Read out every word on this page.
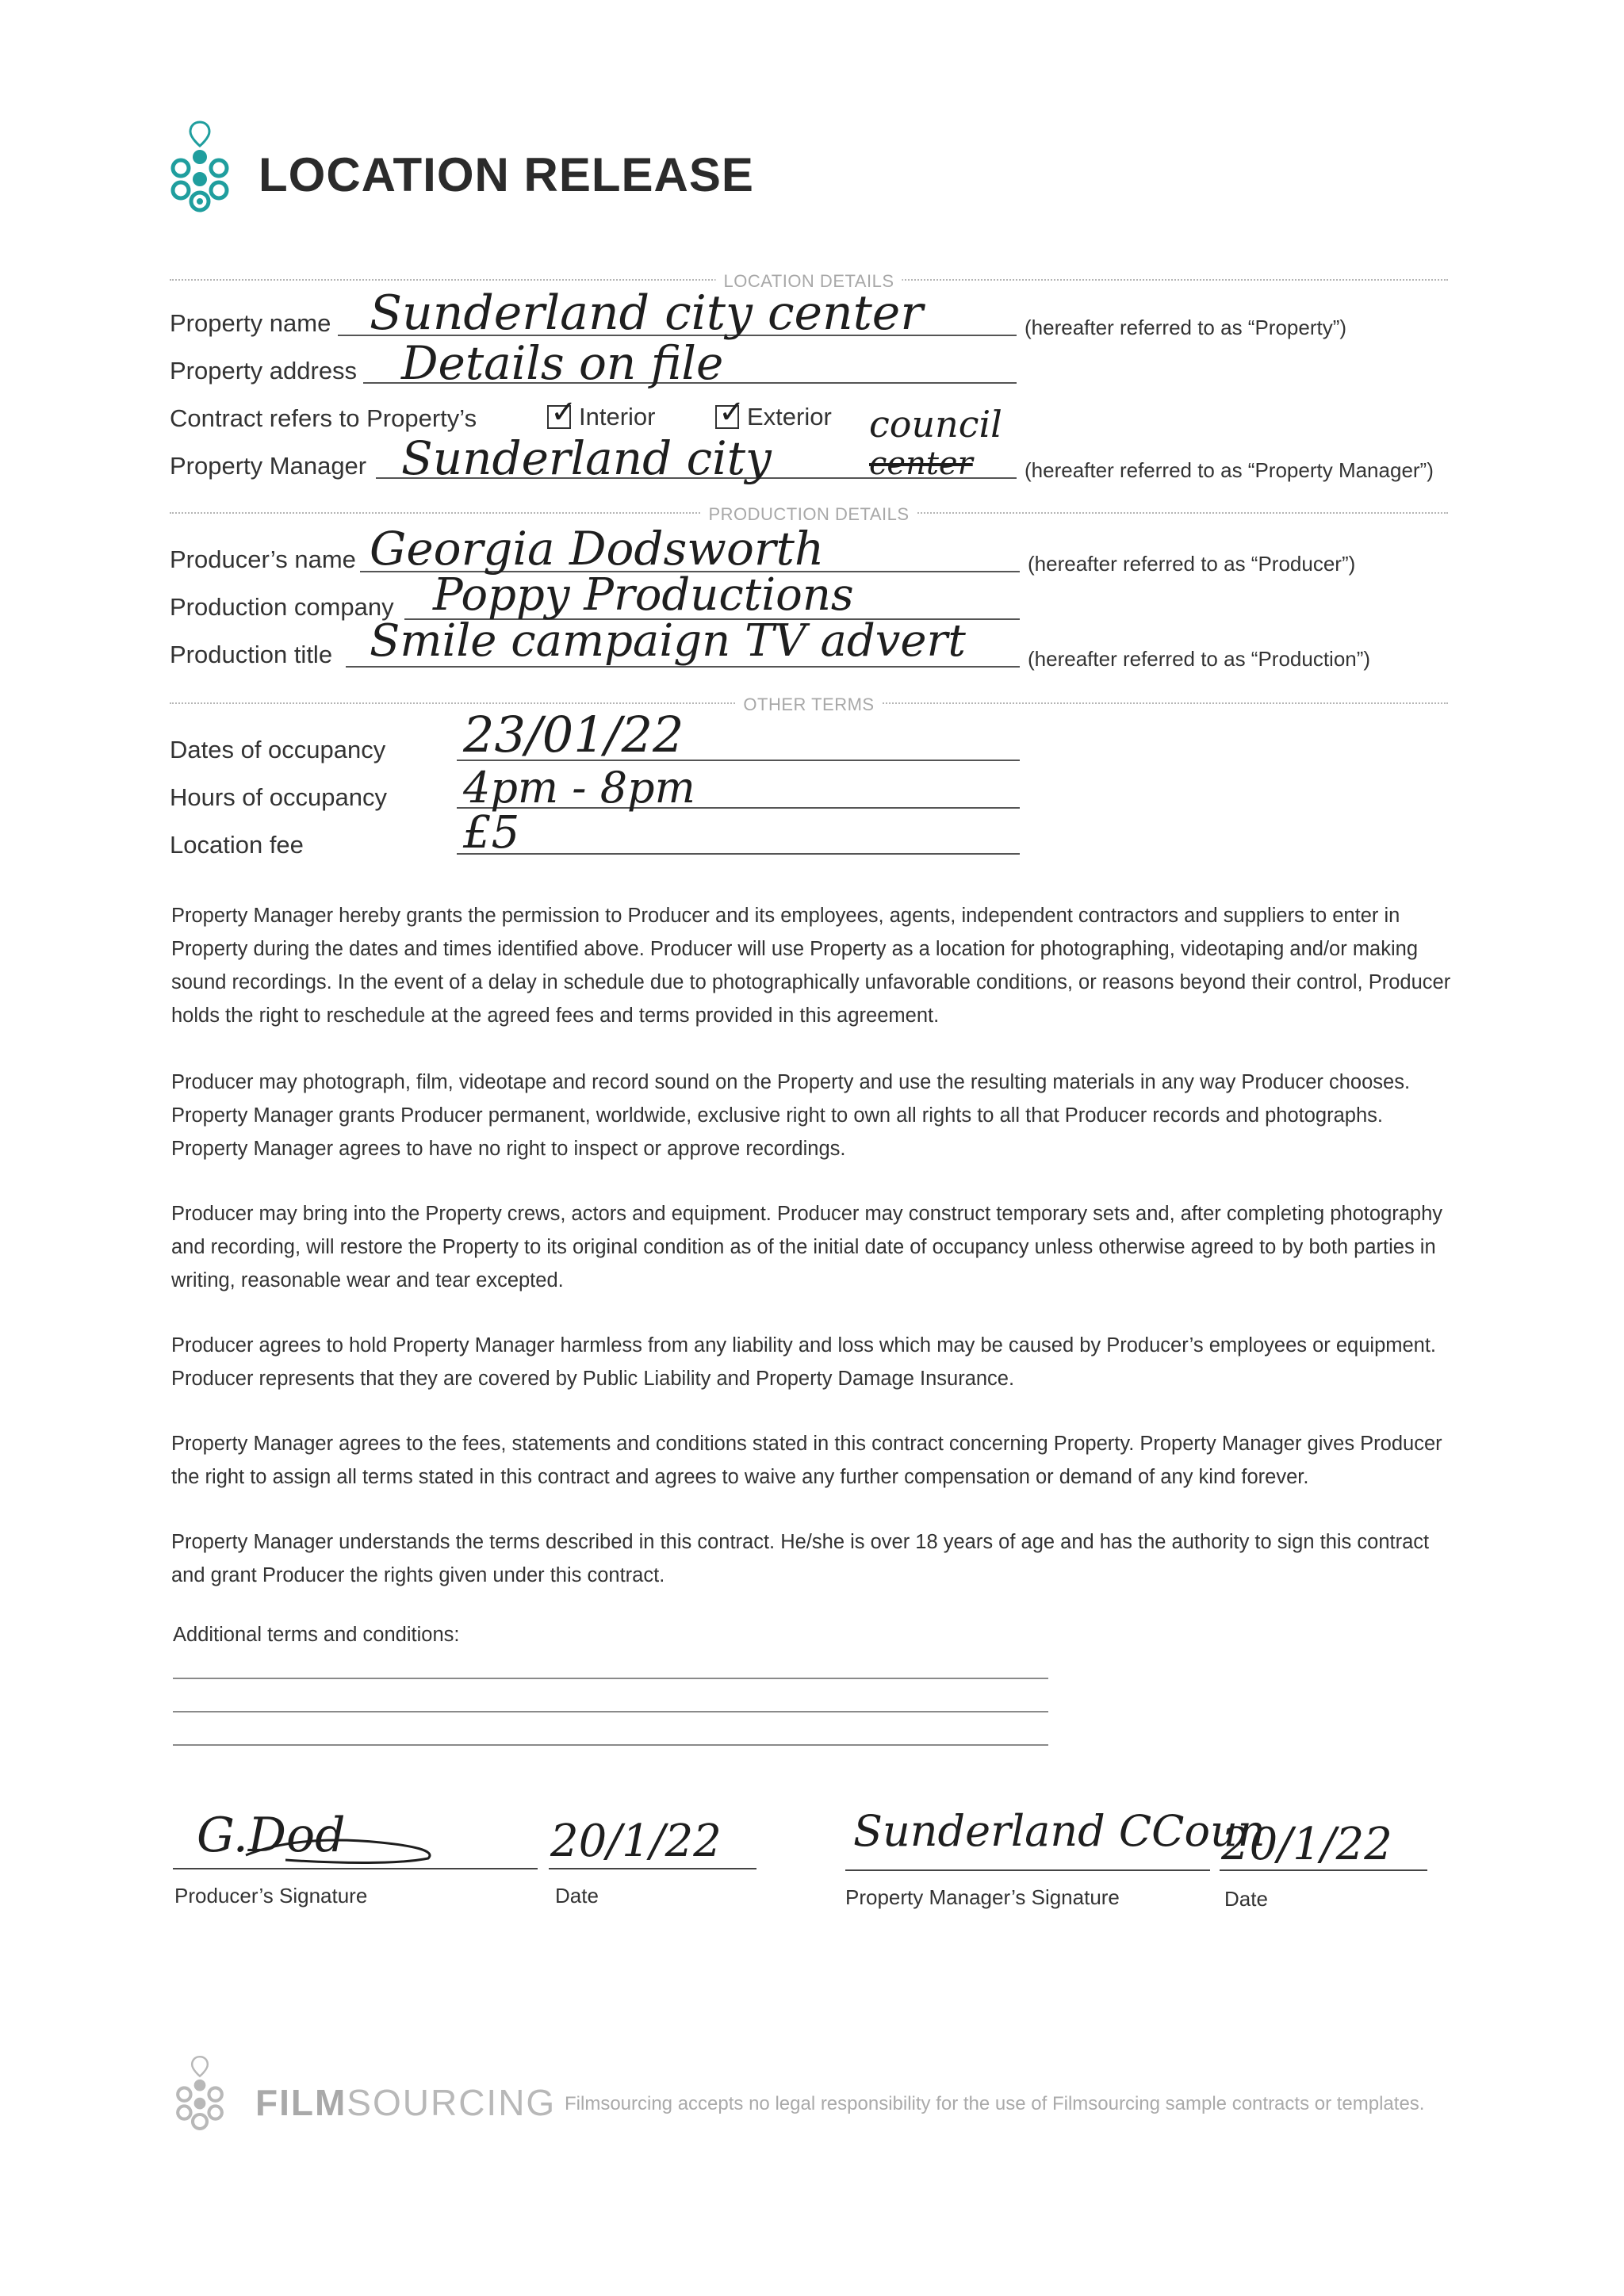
LOCATION RELEASE
LOCATION DETAILS
Property name Sunderland city center	(hereafter referred to as “Property”)
Property address Details on file
Contract refers to Property’s ✓ Interior ✓ Exterior
Property Manager Sunderland city
council
center	(hereafter referred to as “Property Manager”)
PRODUCTION DETAILS
Producer’s name Georgia Dodsworth	(hereafter referred to as “Producer”)
Production company Poppy Productions
Production title Smile campaign TV advert	(hereafter referred to as “Production”)
OTHER TERMS
Dates of occupancy 23/01/22
Hours of occupancy 4pm - 8pm
Location fee	£5

Property Manager hereby grants the permission to Producer and its employees, agents, independent contractors and suppliers to enter in Property during the dates and times identified above. Producer will use Property as a location for photographing, videotaping and/or making sound recordings. In the event of a delay in schedule due to photographically unfavorable conditions, or reasons beyond their control, Producer holds the right to reschedule at the agreed fees and terms provided in this agreement.

Producer may photograph, film, videotape and record sound on the Property and use the resulting materials in any way Producer chooses. Property Manager grants Producer permanent, worldwide, exclusive right to own all rights to all that Producer records and photographs. Property Manager agrees to have no right to inspect or approve recordings.

Producer may bring into the Property crews, actors and equipment. Producer may construct temporary sets and, after completing photography and recording, will restore the Property to its original condition as of the initial date of occupancy unless otherwise agreed to by both parties in writing, reasonable wear and tear excepted.

Producer agrees to hold Property Manager harmless from any liability and loss which may be caused by Producer’s employees or equipment. Producer represents that they are covered by Public Liability and Property Damage Insurance.

Property Manager agrees to the fees, statements and conditions stated in this contract concerning Property. Property Manager gives Producer the right to assign all terms stated in this contract and agrees to waive any further compensation or demand of any kind forever.

Property Manager understands the terms described in this contract. He/she is over 18 years of age and has the authority to sign this contract and grant Producer the rights given under this contract.

Additional terms and conditions:
G.Dod
Producer’s Signature
20/1/22
Date
Sunderland CCoun
Property Manager’s Signature
20/1/22
Date
FILMSOURCING Filmsourcing accepts no legal responsibility for the use of Filmsourcing sample contracts or templates.
